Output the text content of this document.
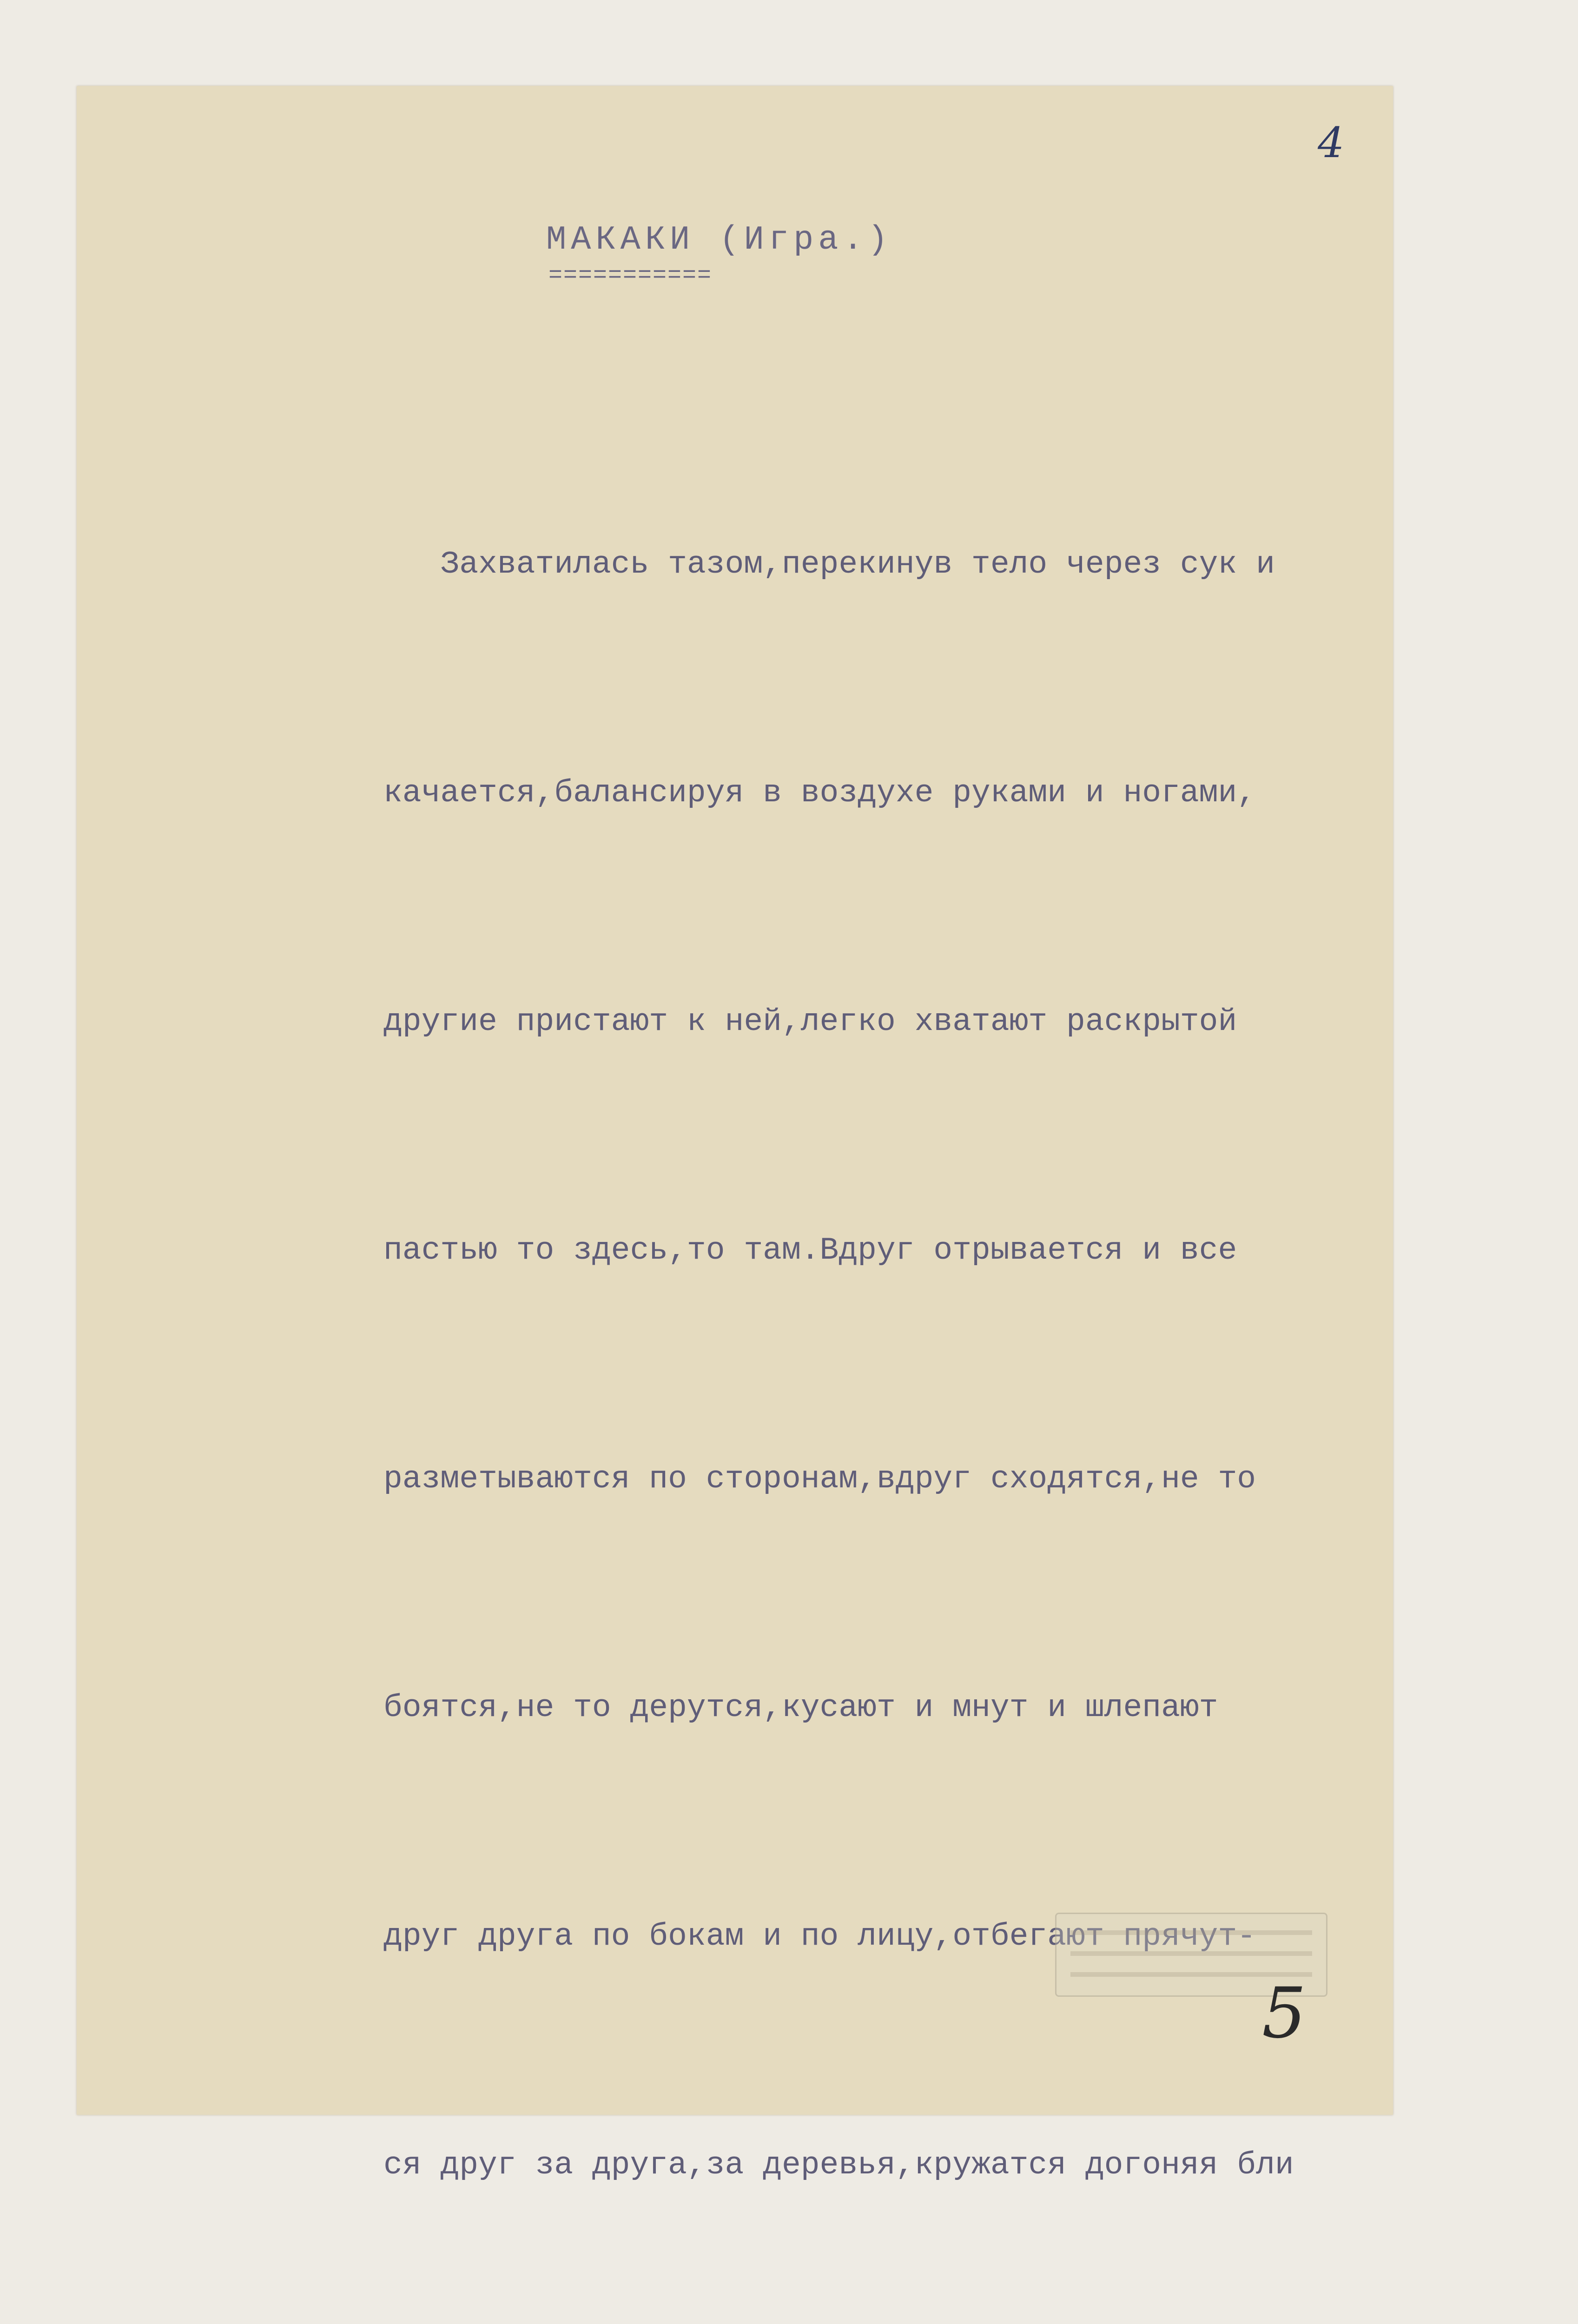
4
МАКАКИ (Игра.)
===========

Захватилась тазом,перекинув тело через сук и

качается,балансируя в воздухе руками и ногами,

другие пристают к ней,легко хватают раскрытой

пастью то здесь,то там.Вдруг отрывается и все

разметываются по сторонам,вдруг сходятся,не то

боятся,не то дерутся,кусают и мнут и шлепают

друг друга по бокам и по лицу,отбегают прячут-

ся друг за друга,за деревья,кружатся догоняя бли

5
